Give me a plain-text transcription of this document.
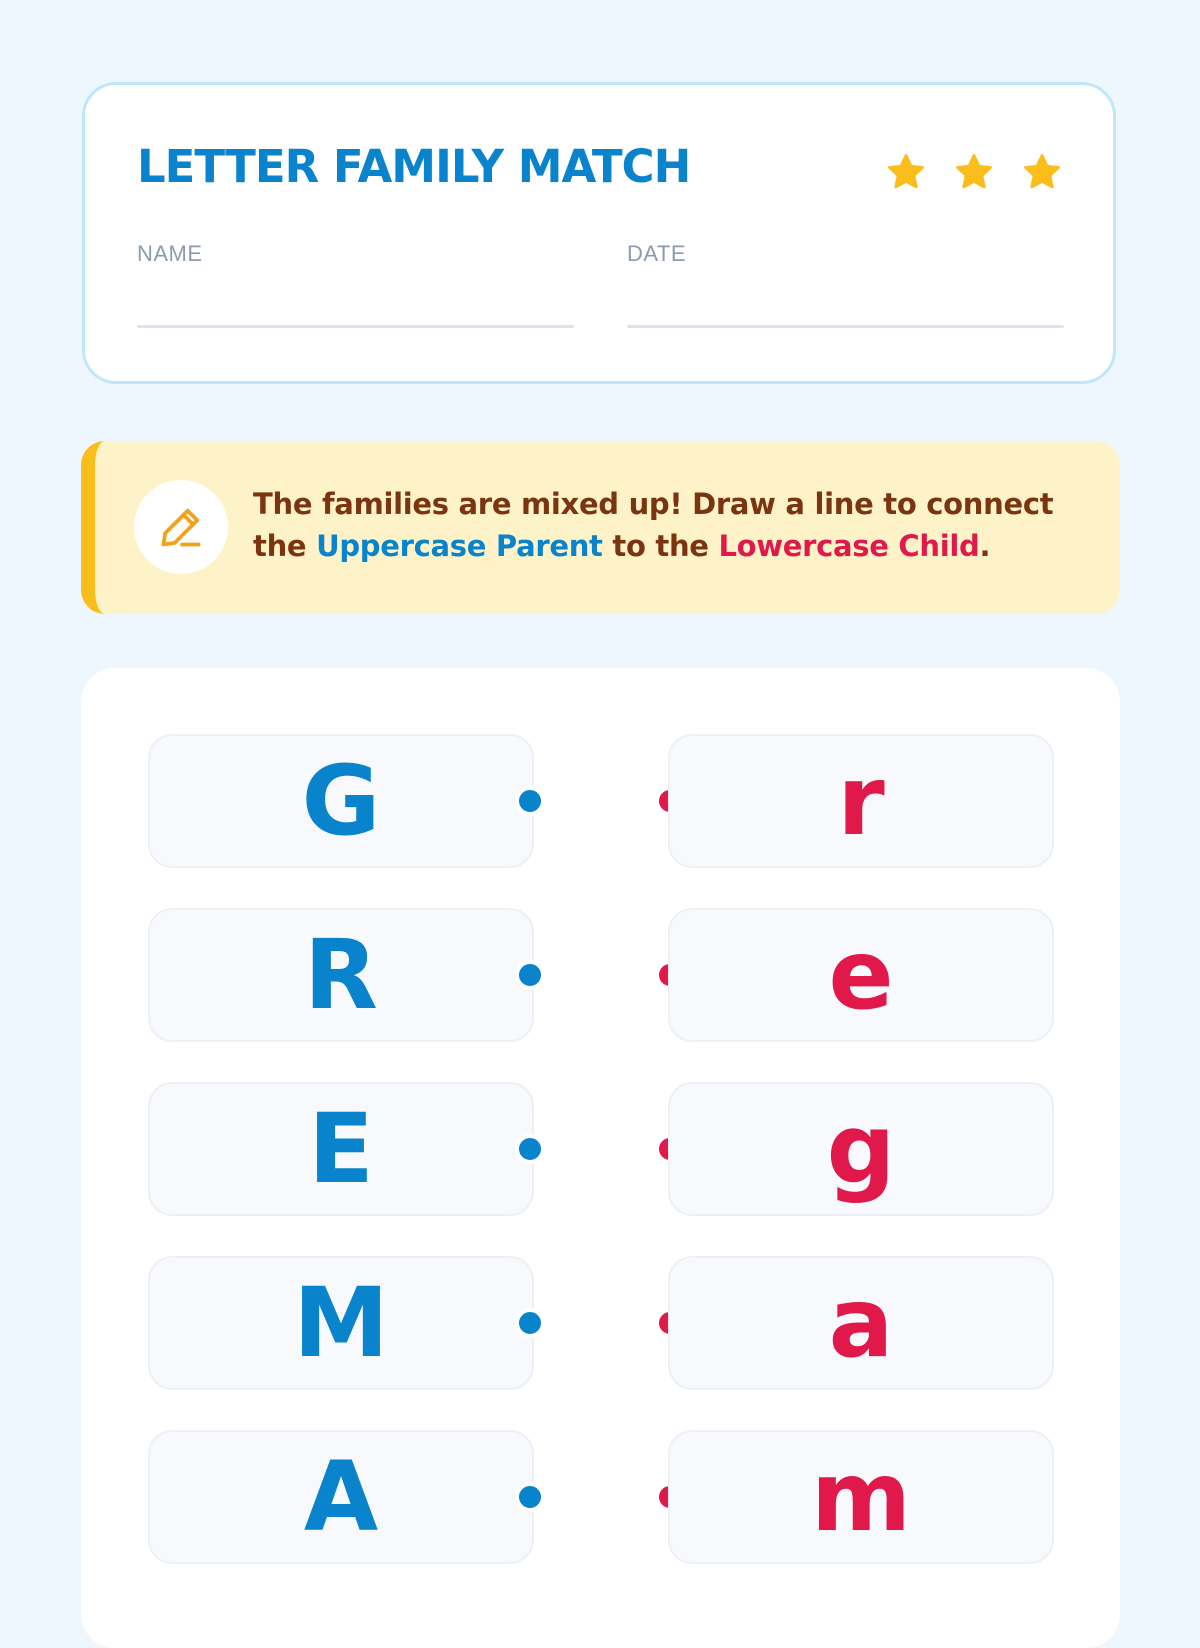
LETTER FAMILY MATCH
NAME	DATE

The families are mixed up! Draw a line to connect the Uppercase Parent to the Lowercase Child.

G	r
R	e
E	g
M	a
A	m
